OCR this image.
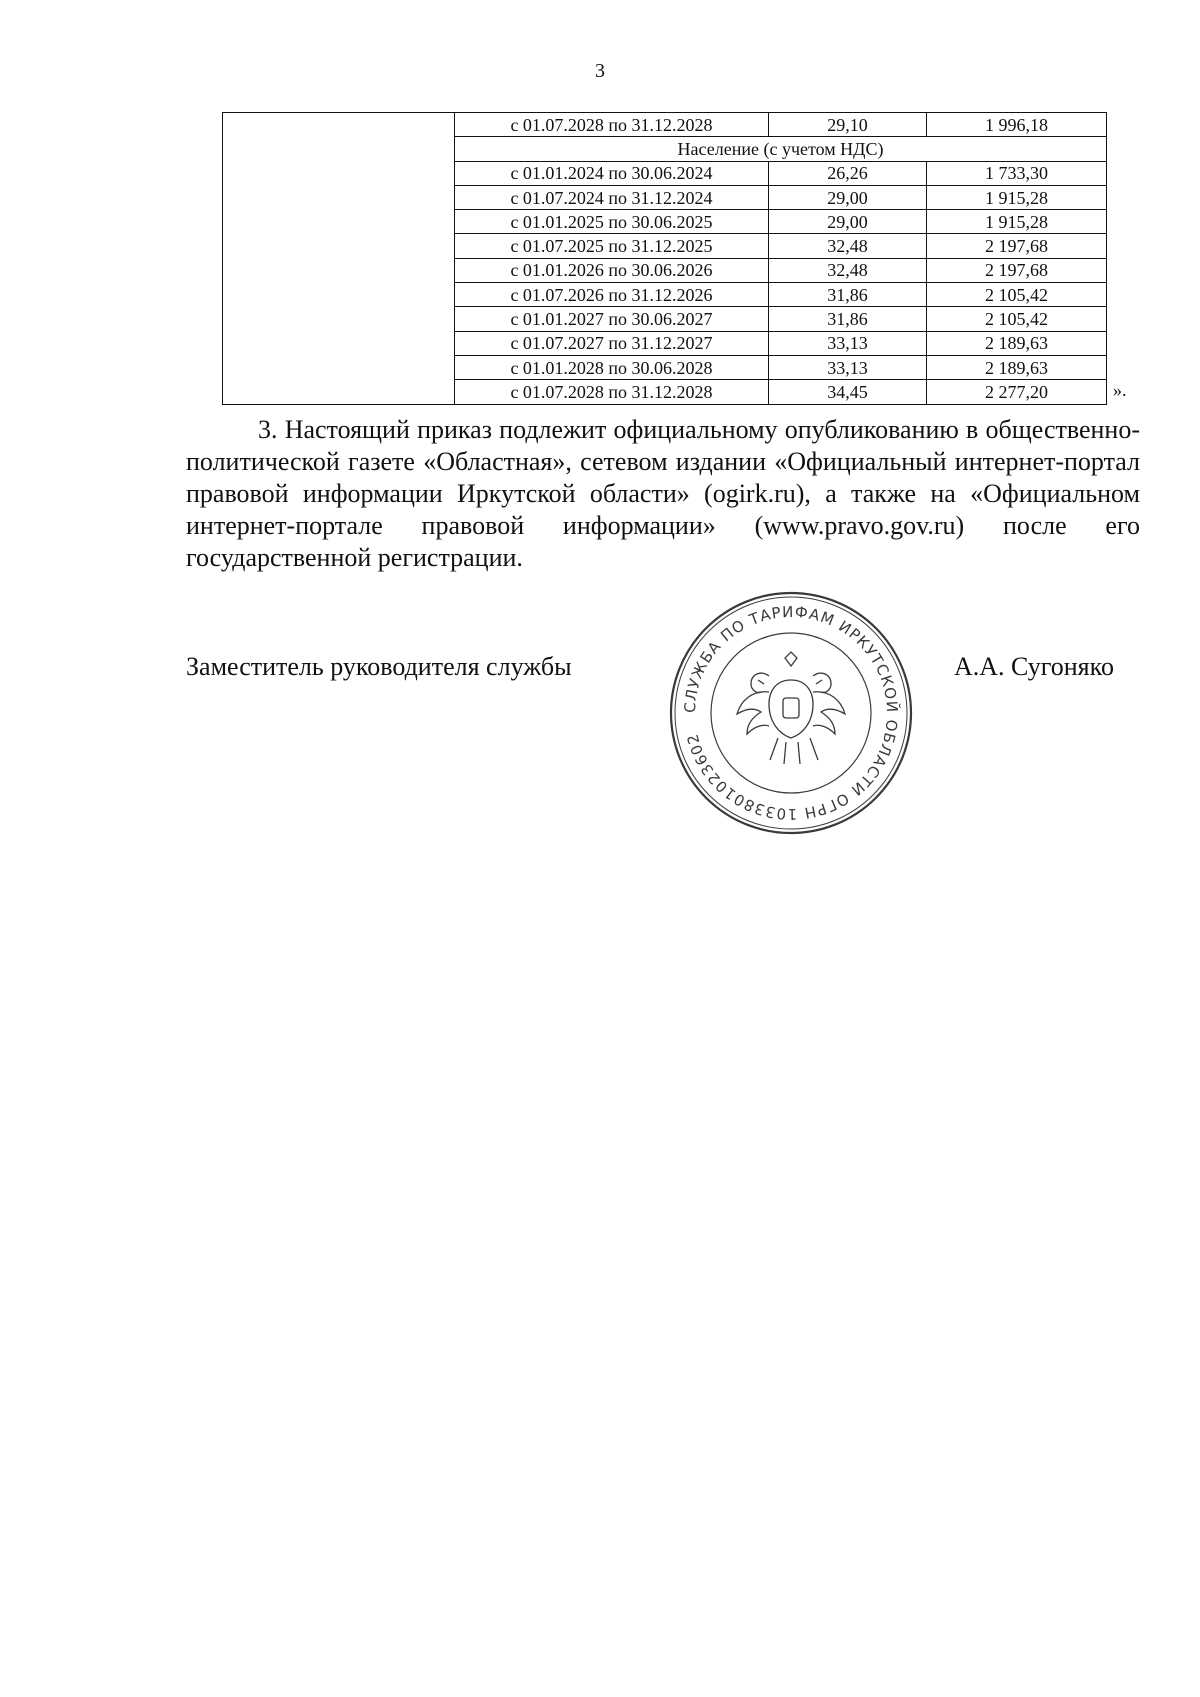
3
	с 01.07.2028 по 31.12.2028	29,10	1 996,18
	Население (с учетом НДС)		
	с 01.01.2024 по 30.06.2024	26,26	1 733,30
	с 01.07.2024 по 31.12.2024	29,00	1 915,28
	с 01.01.2025 по 30.06.2025	29,00	1 915,28
	с 01.07.2025 по 31.12.2025	32,48	2 197,68
	с 01.01.2026 по 30.06.2026	32,48	2 197,68
	с 01.07.2026 по 31.12.2026	31,86	2 105,42
	с 01.01.2027 по 30.06.2027	31,86	2 105,42
	с 01.07.2027 по 31.12.2027	33,13	2 189,63
	с 01.01.2028 по 30.06.2028	33,13	2 189,63
	с 01.07.2028 по 31.12.2028	34,45	2 277,20	».
3. Настоящий приказ подлежит официальному опубликованию в общественно-политической газете «Областная», сетевом издании «Официальный интернет-портал правовой информации Иркутской области» (ogirk.ru), а также на «Официальном интернет-портале правовой информации» (www.pravo.gov.ru) после его государственной регистрации.
Заместитель руководителя службы	А.А. Сугоняко
СЛУЖБА ПО ТАРИФАМ ИРКУТСКОЙ ОБЛАСТИ ОГРН 1033801023602
